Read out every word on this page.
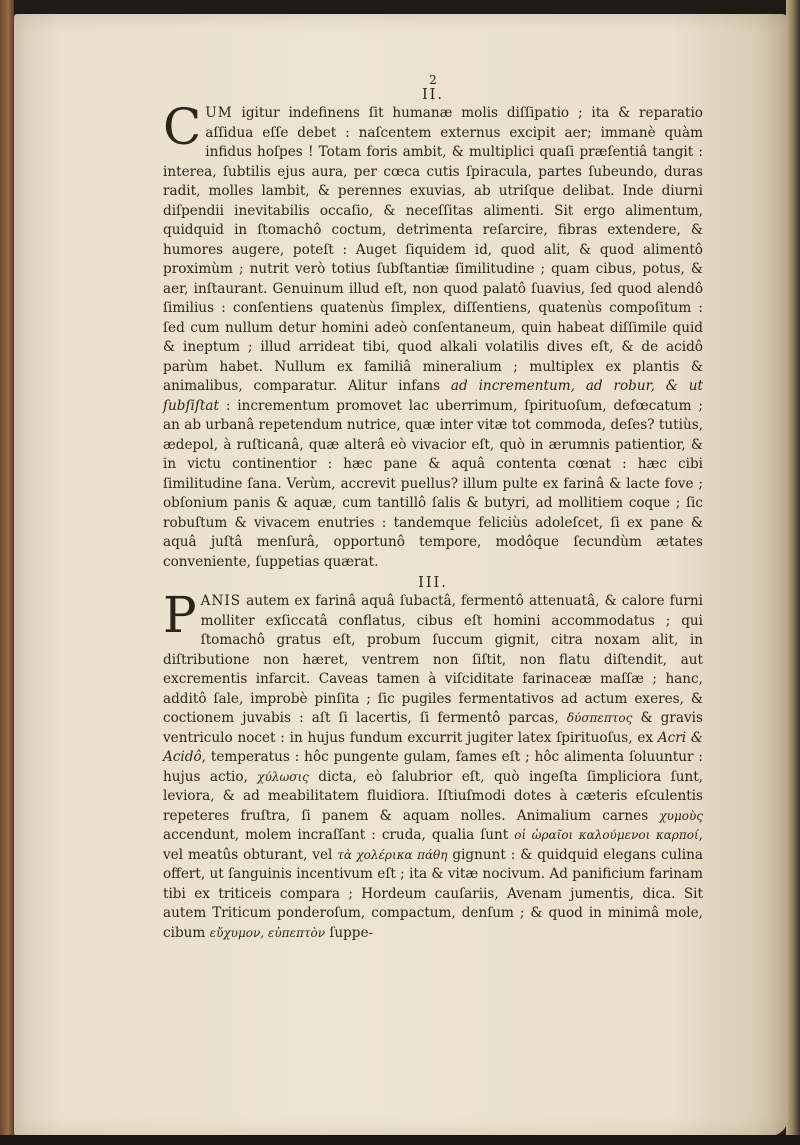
2
II.

CUM igitur indefinens ſit humanæ molis diſſipatio ; ita & reparatio aſſidua eſſe debet : naſcentem externus excipit aer; immanè quàm infidus hoſpes ! Totam foris ambit, & multiplici quaſi præſentiâ tangit : interea, ſubtilis ejus aura, per cœca cutis ſpiracula, partes ſubeundo, duras radit, molles lambit, & perennes exuvias, ab utriſque delibat. Inde diurni diſpendii inevitabilis occaſio, & neceſſitas alimenti. Sit ergo alimentum, quidquid in ſtomachô coctum, detrimenta reſarcire, fibras extendere, & humores augere, poteſt : Auget ſiquidem id, quod alit, & quod alimentô proximùm ; nutrit verò totius ſubſtantiæ ſimilitudine ; quam cibus, potus, & aer, inſtaurant. Genuinum illud eſt, non quod palatô ſuavius, ſed quod alendô ſimilius : conſentiens quatenùs ſimplex, diſſentiens, quatenùs compoſitum : ſed cum nullum detur homini adeò conſentaneum, quin habeat diſſimile quid & ineptum ; illud arrideat tibi, quod alkali volatilis dives eſt, & de acidô parùm habet. Nullum ex familiâ mineralium ; multiplex ex plantis & animalibus, comparatur. Alitur infans ad incrementum, ad robur, & ut ſubſiſtat : incrementum promovet lac uberrimum, ſpirituoſum, defœcatum ; an ab urbanâ repetendum nutrice, quæ inter vitæ tot commoda, deſes? tutiùs, ædepol, à ruſticanâ, quæ alterâ eò vivacior eſt, quò in ærumnis patientior, & in victu continentior : hæc pane & aquâ contenta cœnat : hæc cibi ſimilitudine ſana. Verùm, accrevit puellus? illum pulte ex farinâ & lacte fove ; obſonium panis & aquæ, cum tantillô ſalis & butyri, ad mollitiem coque ; ſic robuſtum & vivacem enutries : tandemque feliciùs adoleſcet, ſi ex pane & aquâ juſtâ menſurâ, opportunô tempore, modôque ſecundùm ætates conveniente, ſuppetias quærat.

III.

PANIS autem ex farinâ aquâ ſubactâ, fermentô attenuatâ, & calore furni molliter exſiccatâ conflatus, cibus eſt homini accommodatus ; qui ſtomachô gratus eſt, probum ſuccum gignit, citra noxam alit, in diſtributione non hæret, ventrem non ſiſtit, non flatu diſtendit, aut excrementis infarcit. Caveas tamen à viſciditate farinaceæ maſſæ ; hanc, additô ſale, improbè pinſita ; ſic pugiles fermentativos ad actum exeres, & coctionem juvabis : aſt ſi lacertis, ſi fermentô parcas, δύσπεπτος & gravis ventriculo nocet : in hujus fundum excurrit jugiter latex ſpirituoſus, ex Acri & Acidô, temperatus : hôc pungente gulam, fames eſt ; hôc alimenta ſoluuntur : hujus actio, χύλωσις dicta, eò ſalubrior eſt, quò ingeſta ſimpliciora ſunt, leviora, & ad meabilitatem fluidiora. Iſtiuſmodi dotes à cæteris eſculentis repeteres fruſtra, ſi panem & aquam nolles. Animalium carnes χυμοὺς accendunt, molem incraſſant : cruda, qualia ſunt οἱ ὡραῖοι καλούμενοι καρποί, vel meatûs obturant, vel τὰ χολέρικα πάθη gignunt : & quidquid elegans culina offert, ut ſanguinis incentivum eſt ; ita & vitæ nocivum. Ad panificium farinam tibi ex triticeis compara ; Hordeum cauſariis, Avenam jumentis, dica. Sit autem Triticum ponderoſum, compactum, denſum ; & quod in minimâ mole, cibum εὔχυμον, εὐπεπτὸν ſuppe-
